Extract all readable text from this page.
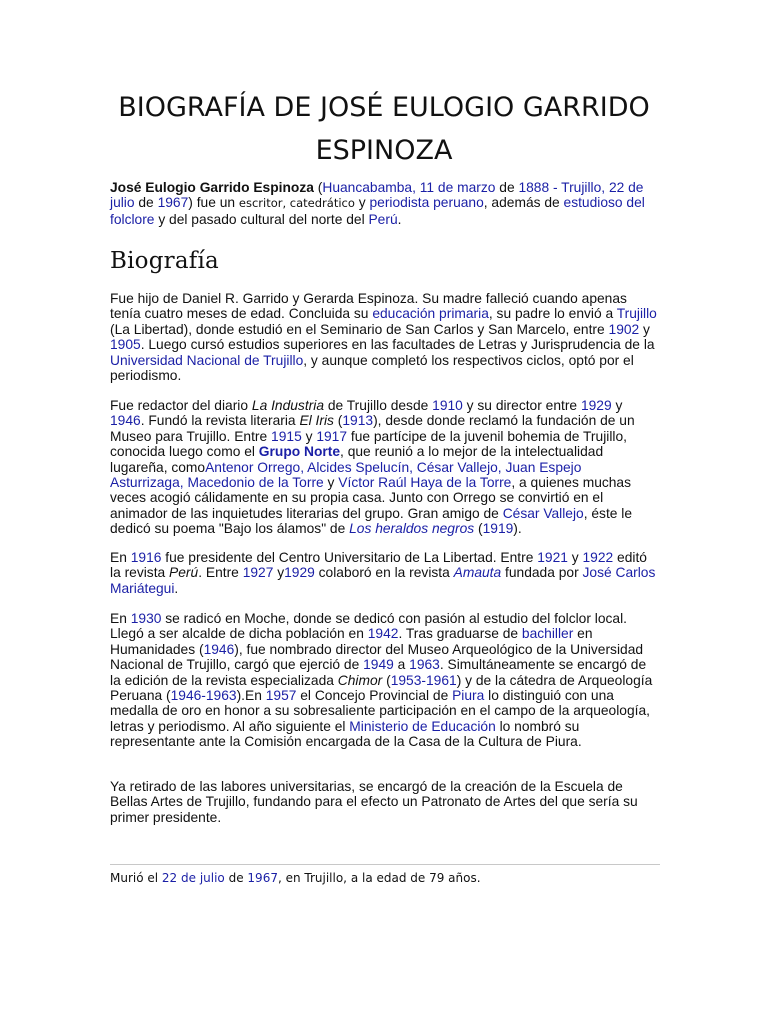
BIOGRAFÍA DE JOSÉ EULOGIO GARRIDO ESPINOZA

José Eulogio Garrido Espinoza (Huancabamba, 11 de marzo de 1888 - Trujillo, 22 de julio de 1967) fue un escritor, catedrático y periodista peruano, además de estudioso del folclore y del pasado cultural del norte del Perú.

Biografía

Fue hijo de Daniel R. Garrido y Gerarda Espinoza. Su madre falleció cuando apenas tenía cuatro meses de edad. Concluida su educación primaria, su padre lo envió a Trujillo (La Libertad), donde estudió en el Seminario de San Carlos y San Marcelo, entre 1902 y 1905. Luego cursó estudios superiores en las facultades de Letras y Jurisprudencia de la Universidad Nacional de Trujillo, y aunque completó los respectivos ciclos, optó por el periodismo.

Fue redactor del diario La Industria de Trujillo desde 1910 y su director entre 1929 y 1946. Fundó la revista literaria El Iris (1913), desde donde reclamó la fundación de un Museo para Trujillo. Entre 1915 y 1917 fue partícipe de la juvenil bohemia de Trujillo, conocida luego como el Grupo Norte, que reunió a lo mejor de la intelectualidad lugareña, comoAntenor Orrego, Alcides Spelucín, César Vallejo, Juan Espejo Asturrizaga, Macedonio de la Torre y Víctor Raúl Haya de la Torre, a quienes muchas veces acogió cálidamente en su propia casa. Junto con Orrego se convirtió en el animador de las inquietudes literarias del grupo. Gran amigo de César Vallejo, éste le dedicó su poema "Bajo los álamos" de Los heraldos negros (1919).

En 1916 fue presidente del Centro Universitario de La Libertad. Entre 1921 y 1922 editó la revista Perú. Entre 1927 y1929 colaboró en la revista Amauta fundada por José Carlos Mariátegui.

En 1930 se radicó en Moche, donde se dedicó con pasión al estudio del folclor local. Llegó a ser alcalde de dicha población en 1942. Tras graduarse de bachiller en Humanidades (1946), fue nombrado director del Museo Arqueológico de la Universidad Nacional de Trujillo, cargó que ejerció de 1949 a 1963. Simultáneamente se encargó de la edición de la revista especializada Chimor (1953-1961) y de la cátedra de Arqueología Peruana (1946-1963).En 1957 el Concejo Provincial de Piura lo distinguió con una medalla de oro en honor a su sobresaliente participación en el campo de la arqueología, letras y periodismo. Al año siguiente el Ministerio de Educación lo nombró su representante ante la Comisión encargada de la Casa de la Cultura de Piura.

Ya retirado de las labores universitarias, se encargó de la creación de la Escuela de Bellas Artes de Trujillo, fundando para el efecto un Patronato de Artes del que sería su primer presidente.

Murió el 22 de julio de 1967, en Trujillo, a la edad de 79 años.
